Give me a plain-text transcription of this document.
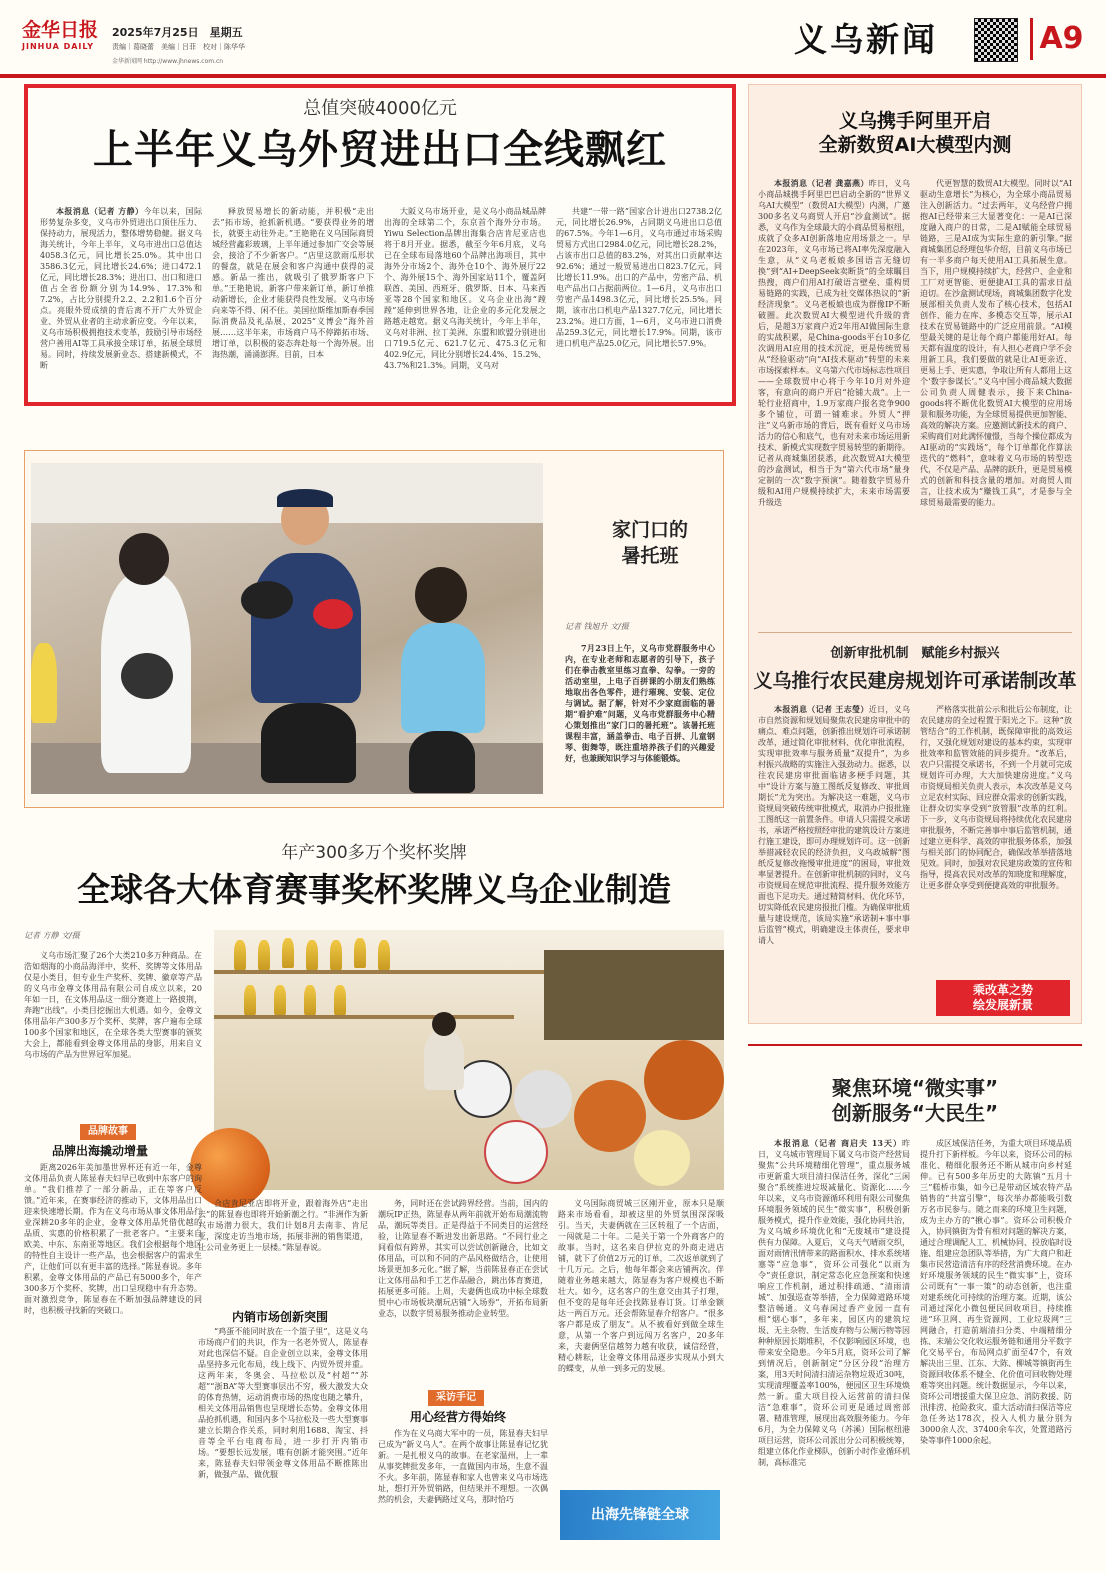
金华日报
JINHUA DAILY
2025年7月25日　星期五
责编｜葛晓蕾　美编｜吕菲　校对｜陈华华
金华新闻网 http://www.jhnews.com.cn
义乌新闻	A9
总值突破4000亿元
上半年义乌外贸进出口全线飘红

本报消息（记者 方静）今年以来，国际形势复杂多变，义乌市外贸进出口顶住压力、保持动力，展现活力，整体增势稳健。据义乌海关统计，今年上半年，义乌市进出口总值达4058.3亿元，同比增长25.0%。其中出口3586.3亿元，同比增长24.6%；进口472.1亿元，同比增长28.3%；进出口、出口和进口值占全省份额分别为14.9%、17.3%和7.2%，占比分别提升2.2、2.2和1.6个百分点。亮眼外贸成绩的背后离不开广大外贸企业、外贸从业者的主动求新应变。今年以来，义乌市场积极拥抱技术变革，鼓励引导市场经营户善用AI等工具承接全球订单，拓展全球贸易。同时，持续发展新业态、搭建新模式，不断

释放贸易增长的新动能，并积极“走出去”拓市场，抢抓新机遇。“要获得业务的增长，就要主动往外走。”王艳艳在义乌国际商贸城经营鑫彩玻璃，上半年通过参加广交会等展会，接洽了不少新客户。“店里这款雨瓜形状的餐盘，就是在展会和客户沟通中获得的灵感。新品一推出，就吸引了俄罗斯客户下单。”王艳艳说，新客户带来新订单，新订单推动新增长，企业才能获得良性发展。义乌市场向来等不得、闲不住。美国拉斯维加斯春季国际消费品及礼品展、2025“义博会”海外首展……这半年来，市场商户马不停蹄拓市场、增订单，以积极的姿态奔赴每一个海外展。出海热潮，涌涌澎湃。目前，日本

大阪义乌市场开业，是义乌小商品城品牌出海的全球第二个，东京首个海外分市场。Yiwu Selection品牌出海集合店肯尼亚店也将于8月开业。据悉，截至今年6月底，义乌已在全球布局落地60个品牌出海项目，其中海外分市场2个、海外仓10个、海外展厅22个、海外展15个、海外国家站11个，覆盖阿联酋、美国、西班牙、俄罗斯、日本、马来西亚等28个国家和地区。义乌企业出海“蹚蹚”延伸到世界各地，让企业的多元化发展之路越走越宽。据义乌海关统计，今年上半年，义乌对非洲、拉丁美洲、东盟和欧盟分别进出口719.5亿元、621.7亿元、475.3亿元和402.9亿元，同比分别增长24.4%、15.2%、43.7%和21.3%。同期，义乌对

共建“一带一路”国家合计进出口2738.2亿元，同比增长26.9%，占同期义乌进出口总值的67.5%。今年1—6月，义乌市通过市场采购贸易方式出口2984.0亿元，同比增长28.2%，占该市出口总值的83.2%，对其出口贡献率达92.6%；通过一般贸易进出口823.7亿元，同比增长11.9%。出口的产品中，劳密产品、机电产品出口占据前两位。1—6月，义乌市出口劳密产品1498.3亿元，同比增长25.5%。同期，该市出口机电产品1327.7亿元，同比增长23.2%。进口方面，1—6月，义乌市进口消费品259.3亿元，同比增长17.9%。同期，该市进口机电产品25.0亿元，同比增长57.9%。

义乌携手阿里开启
全新数贸AI大模型内测

本报消息（记者 龚嘉燕）昨日，义乌小商品城携手阿里巴巴启动全新的“世界义乌AI大模型”（数贸AI大模型）内测，广邀300多名义乌商贸人开启“沙盒测试”。据悉，义乌作为全球最大的小商品贸易枢纽，成就了众多AI创新落地应用场景之一。早在2023年，义乌市场已将AI率先深度融入生意，从“义乌老板娘多国语言无缝切换”到“AI+DeepSeek卖断货”的全球瞩目热搜，商户们用AI打破语言壁垒、重构贸易链路的实践，已成为社交媒体热议的“新经济现象”。义乌老板娘也成为群像IP不断破圈。此次数贸AI大模型进代升级的背后，是超3万家商户近2年用AI做国际生意的实战积累，是China-goods平台10多亿次调用AI应用的技术沉淀，更是传统贸易从“经验驱动”向“AI技术驱动”转型的未来市场探索样本。义乌第六代市场标志性项目——全球数贸中心将于今年10月对外迎客，有意向的商户开启“抢铺大战”。上一轮行业招商中，1.9万家商户报名竞争900多个铺位，可谓一铺难求。外贸人“押注”义乌新市场的背后，既有看好义乌市场活力的信心和底气，也有对未来市场运用新技术、新模式实现数字贸易转型的新期待。记者从商城集团获悉，此次数贸AI大模型的沙盒测试，相当于为“第六代市场”量身定制的一次“数字预演”。随着数字贸易升级和AI用户规模持续扩大，未来市场需要升级迭

代更智慧的数贸AI大模型。同时以“AI驱动生意增长”为核心，为全球小商品贸易注入创新活力。“过去两年，义乌经营户拥抱AI已经带来三大显著变化：一是AI已深度融入商户的日常，二是AI赋能全球贸易链路，三是AI成为实际生意的新引擎。”据商城集团总经理包华介绍，目前义乌市场已有一半多商户每天使用AI工具拓展生意。当下，用户规模持续扩大，经营户、企业和工厂对更智能、更便捷AI工具的需求日益迫切。在沙盒测试现场，商城集团数字化发展部相关负责人发布了核心技术，包括AI创作、能力在库、多模态交互等，展示AI技术在贸易链路中的广泛应用前景。“AI模型最关键的是让每个商户都能用好AI。每天都有温度的设计，有人担心老商户学不会用新工具，我们要做的就是让AI更亲近、更易上手、更实惠，争取让所有人都用上这个‘数字参谋长’。”义乌中国小商品城大数据公司负责人周健表示，接下来China-goods将不断优化数贸AI大模型的应用场景和服务功能，为全球贸易提供更加智能、高效的解决方案。应邀测试新技术的商户、采购商们对此满怀憧憬，当每个操位都成为AI驱动的“实践场”，每个订单都化作算法迭代的“燃料”，意味着义乌市场的转型迭代，不仅是产品、品牌的跃升，更是贸易模式的创新和科技含量的增加。对商贸人而言，让技术成为“赚钱工具”，才是参与全球贸易最需要的能力。

创新审批机制　赋能乡村振兴
义乌推行农民建房规划许可承诺制改革

本报消息（记者 王志瑩）近日，义乌市自然资源和规划局聚焦农民建房审批中的痛点、难点问题，创新推出规划许可承诺制改革，通过简化审批材料、优化审批流程，实现审批效率与服务质量“双提升”，为乡村振兴战略的实施注入强劲动力。据悉，以往农民建房审批面临诸多梗手问题，其中“设计方案与施工图纸反复修改、审批周期长”尤为突出。为解决这一难题，义乌市资规局突破传统审批模式，取消办户报批施工图纸这一前置条件。申请人只需提交承诺书，承诺严格按照经审批的建筑设计方案进行施工建设，即可办理规划许可。这一创新举措减轻农民的经济负担，义乌政城解“图纸反复修改拖慢审批进度”的困局，审批效率显著提升。在创新审批机制的同时，义乌市资规局在规范审批流程、提升服务效能方面也下足功夫。通过精简材料、优化环节，切实降低农民建房报批门槛。为确保审批质量与建设规范，该局实施“承诺制+事中事后监管”模式，明确建设主体责任，要求申请人

严格落实批前公示和批后公布制度，让农民建房的全过程置于阳光之下。这种“放管结合”的工作机制，既保障审批的高效运行，又强化规划对建设的基本约束，实现审批效率和监管效能的同步提升。“改革后，农户只需提交承诺书，不到一个月就可完成规划许可办理，大大加快建房进度。”义乌市资规局相关负责人表示，本次改革是义乌立足农村实际、回应群众需求的创新实践，让群众切实享受到“放管服”改革的红利。下一步，义乌市资规局将持续优化农民建房审批服务，不断完善事中事后监管机制，通过建立更科学、高效的审批服务体系，加强与相关部门的协同配合，确保改革举措落地见效。同时，加强对农民建房政策的宣传和指导，提高农民对改革的知晓度和理解度，让更多群众享受到便捷高效的审批服务。

乘改革之势
绘发展新景
聚焦环境“微实事”
创新服务“大民生”

本报消息（记者 商启夫 13天）昨日，义乌城市管理局下属义乌市资产经营局聚焦“公共环境精细化管理”，重点服务城市更新重大项目清扫保洁任务，深化“三闲聚合”系统推进垃圾减量化、资源化……今年以来，义乌市资源循环利用有限公司聚焦环境服务领域的民生“微实事”，积极创新服务模式，提升作业效能，强化协同共治，为义乌城乡环境优化和“无废城市”建设提供有力保障。入夏后，义乌天气晴雨交织，面对雨情汛情带来的路面积水、排水系统堵塞等“应急事”，资环公司强化“以雨为令”责任意识，制定常态化应急预案和快速响应工作机制，通过积排疏通、“清雨清城”、加强巡查等举措，全力保障道路环境整洁畅通。义乌春闲过香产业园一直有相“烟心事”，多年来，园区内的建筑垃圾、无主杂物、生活废弃物与公厕污物等因种种原因长期堆积，不仅影响园区环境，也带来安全隐患。今年5月底，资环公司了解到情况后，创新制定“分区分段”治理方案，用3天时间清扫清运杂物垃圾近30吨，实现清理覆盖率100%，便园区卫生环境焕然一新。重大项目投入运营前的清扫保洁“急难事”，资环公司更是通过周密部署、精准管理，展现出高效服务能力。今年6月，为全力保障义乌（苏溪）国际枢纽港项目运营，资环公司派出分公司积极统筹，组建立体化作业梯队，创新小时作业循环机制，高标准完

成区域保洁任务，为重大项目环境品质提升打下新样板。今年以来，资环公司的标准化、精细化服务还不断从城市向乡村延伸。已有500多年历史的大陈镇“五月十三”糕桥市集，如今已是带动区域农特产品销售的“共富引擎”，每次举办都能吸引数万名市民参与。随之而来的环境卫生问题，成为主办方的“揪心事”。资环公司积极介入，协同镇街为骨有相对问题的解决方案，通过合理调配人工、机械协同、投放临时设施、组建应急团队等举措，为广大商户和赶集市民营造清洁有序的经营消费环境。在办好环境服务领域的民生“微实事”上，资环公司既有“一事一策”的动态创新，也注重对建系统化可持续的治理方案。近期，该公司通过深化小微包便民回收项目，持续推进“环卫网、再生资源网、工业垃圾网”三网融合，打造前端清扫分类、中端精细分拣、末端公交化收运服务链和通用分平数字化交易平台，布局网点扩面至47个，有效解决出三里、江东、大陈、柳城等镇街再生资源回收体系不健全、化价值可回收物处理难等突出问题。统计数据显示，今年以来，资环公司增援重大保卫应急、消防救援、防汛排涝、抢险救灾、重大活动清扫保洁等应急任务达178次，投入人机力量分别为3000余人次、37400余车次，处置道路污染等事件1000余起。

家门口的
暑托班
记者 钱旭升 文/摄

7月23日上午，义乌市党群服务中心内，在专业老师和志愿者的引导下，孩子们在拳击教室里练习直拳、勾拳。一旁的活动室里，上电子百拼课的小朋友们熟练地取出各色零件，进行璀琬、安装、定位与调试。据了解，针对不少家庭面临的暑期“看护难”问题，义乌市党群服务中心精心策划推出“家门口的暑托班”。该暑托班课程丰富，涵盖拳击、电子百拼、儿童钢琴、街舞等，既注重培养孩子们的兴趣爱好，也兼顾知识学习与体能锻炼。

年产300多万个奖杯奖牌
全球各大体育赛事奖杯奖牌义乌企业制造
记者 方静 文/摄

义乌市场汇聚了26个大类210多万种商品。在浩如烟海的小商品海洋中，奖杯、奖牌等文体用品仅是小类目，但专业生产奖杯、奖牌、徽章等产品的义乌市金尊文体用品有限公司自成立以来，20年如一日，在文体用品这一细分赛道上一路披荆，奔跑“出线”。小类目挖掘出大机遇。如今，金尊文体用品年产300多万个奖杯、奖牌，客户遍布全球100多个国家和地区，在全球各类大型赛事的颁奖大会上，都能看到金尊文体用品的身影，用来自义乌市场的产品为世界冠军加冕。

品牌故事
品牌出海撬动增量

距离2026年美加墨世界杯还有近一年，金尊文体用品负责人陈显春夫妇早已收到中东客户的询单。“我们推荐了一部分新品，正在等客户反馈。”近年来，在赛事经济的推动下，文体用品出口迎来快速增长期。作为在义乌市场从事文体用品行业深耕20多年的企业，金尊文体用品凭借优越的品质、实惠的价格积累了一批老客户。“主要来自欧美、中东、东南亚等地区。我们会根据每个地区的特性自主设计一些产品，也会根据客户的需求生产，让他们可以有更丰富的选择。”陈显春说。多年积累，金尊文体用品的产品已有5000多个，年产300多万个奖杯、奖牌，出口呈现稳中有升态势。面对激烈竞争，陈显春在不断加强品牌建设的同时，也积极寻找新的突破口。

合店肯尼亚店即将开业，跟着海外店“走出去”的陈显春也即将开始新潮之行。“非洲作为新兴市场潜力很大，我们计划8月去南非、肯尼亚，深度走访当地市场，拓展非洲的销售渠道，让公司业务更上一层楼。”陈显春说。

内销市场创新突围

“鸡蛋不能同时放在一个篮子里”，这是义乌市场商户们的共识，作为一名老外贸人，陈显春对此也深信不疑。自企业创立以来，金尊文体用品坚持多元化布局，线上线下、内贸外贸并重。这两年来，冬奥会、马拉松以及“村超”“苏超”“浙BA”等大型赛事层出不穷，极大激发大众的体育热情，运动消费市场的热度也随之攀升，相关文体用品销售也呈现增长态势。金尊文体用品抢抓机遇，和国内多个马拉松及一些大型赛事建立长期合作关系，同时利用1688、淘宝、抖音等全平台电商布局，进一步打开内销市场。“要想长远发展，唯有创新才能突围。”近年来，陈显春夫妇带领金尊文体用品不断推陈出新，做强产品、做优服

务，同时还在尝试跨界经营。当前，国内的潮玩IP正热，陈显春从两年前就开始布局潮流物品，潮玩等类目。正是得益于不同类目的运营经验，让陈显春不断进发出新思路。“不同行业之间看似有跨界，其实可以尝试创新融合，比如文体用品，可以和不同的产品风格做结合，让使用场景更加多元化。”据了解，当前陈显春正在尝试让文体用品和手工艺作品融合，跳出体育赛道，拓展更多可能。上周，夫妻俩也成功中标全球数贸中心市场板块潮玩店铺“入场券”，开拓布局新业态，以数字贸易服务推动企业转型。

采访手记
用心经营方得始终

作为在义乌商大军中的一员，陈显春夫妇早已成为“新义乌人”。在两个故事让陈显春记忆犹新。一是扎根义乌的故事。在老家温州，上一辈从事奖牌批发多年，一直做国内市场，生意不温不火。多年前，陈显春和家人也曾来义乌市场选址，想打开外贸销路，但结果并不理想。一次偶然的机会，夫妻俩路过义乌，那时恰巧

义乌国际商贸城三区刚开业，原本只是顺路来市场看看，却被这里的外贸氛围深深吸引。当天，夫妻俩就在三区转租了一个店面，一闯就是二十年。二是关于第一个外商客户的故事。当时，这名来自伊拉克的外商走进店铺，就下了价值2万元的订单，二次返单就到了十几万元。之后，他每年都会来店铺两次。伴随着业务越来越大，陈显春为客户规模也不断壮大。如今，这名客户的生意交由其子打理，但不变的是每年还会找陈显春订货。订单金额达一两百万元。还会帮陈显春介绍客户。“很多客户都是成了朋友”。从不被看好到做全球生意，从第一个客户到远闯万名客户，20多年来，夫妻俩坚信越努力越有收获，诚信经营，精心耕耘，让金尊文体用品逐步实现从小到大的蝶变，从单一到多元的发展。

出海先锋链全球
